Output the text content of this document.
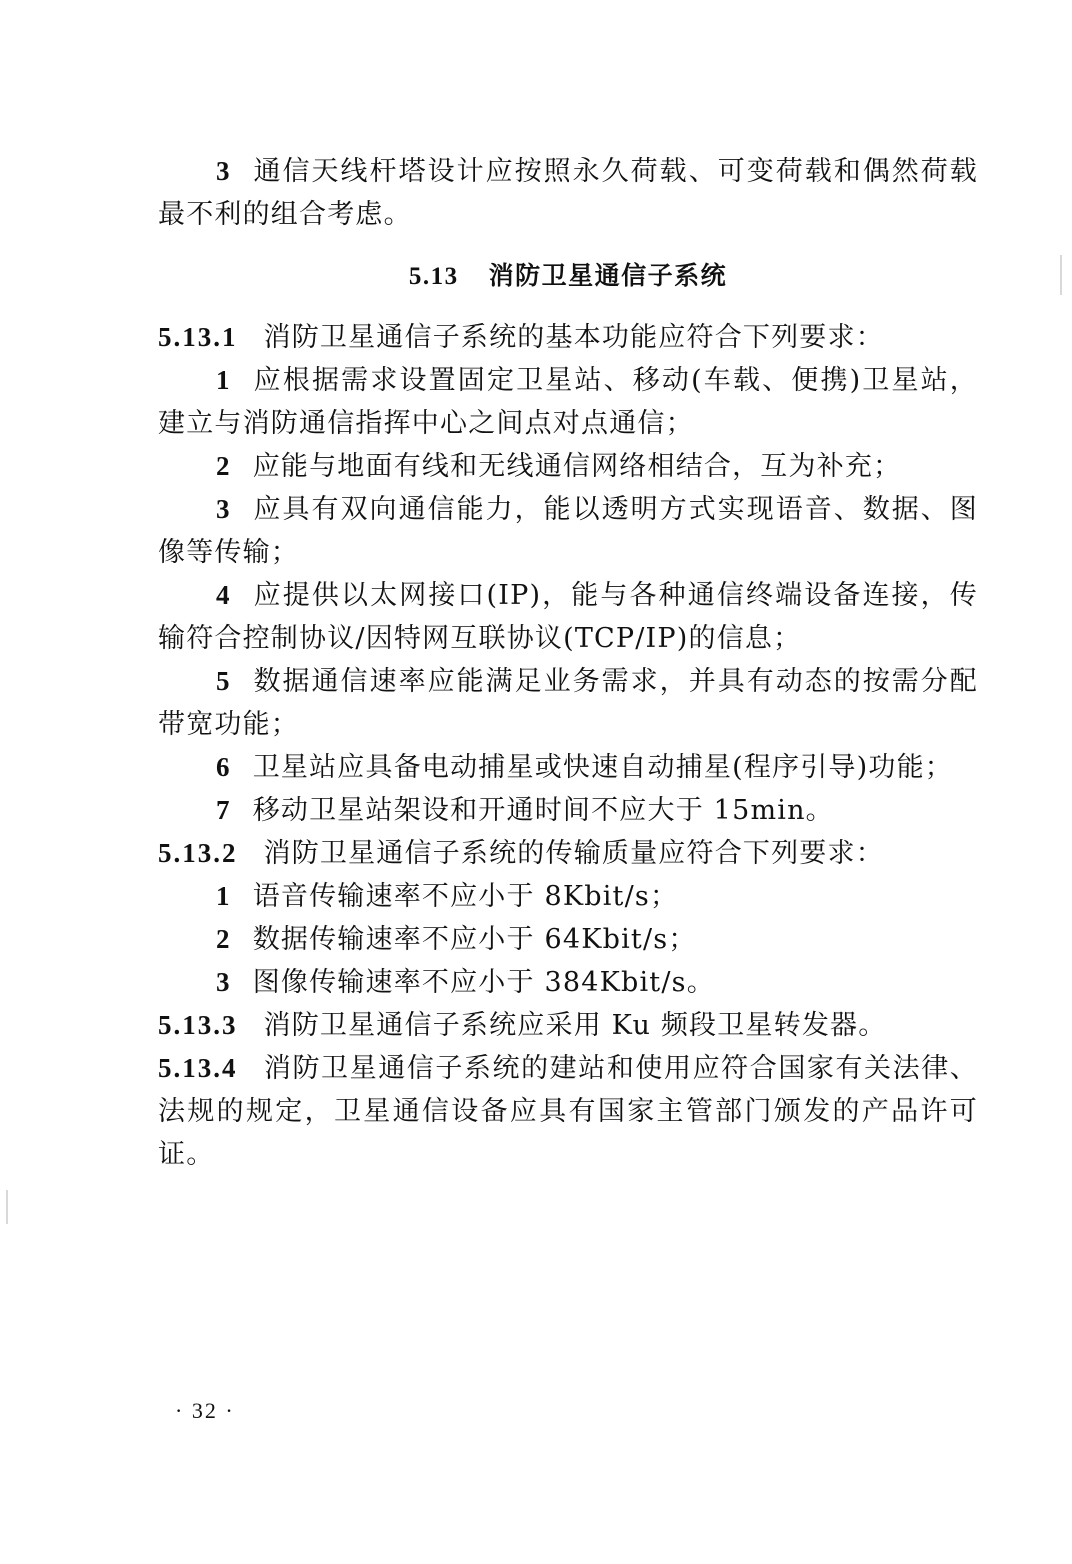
3 通信天线杆塔设计应按照永久荷载、可变荷载和偶然荷载最不利的组合考虑。

5.13 消防卫星通信子系统

5.13.1 消防卫星通信子系统的基本功能应符合下列要求：

1 应根据需求设置固定卫星站、移动(车载、便携)卫星站，建立与消防通信指挥中心之间点对点通信；

2 应能与地面有线和无线通信网络相结合，互为补充；

3 应具有双向通信能力，能以透明方式实现语音、数据、图像等传输；

4 应提供以太网接口(IP)，能与各种通信终端设备连接，传输符合控制协议/因特网互联协议(TCP/IP)的信息；

5 数据通信速率应能满足业务需求，并具有动态的按需分配带宽功能；

6 卫星站应具备电动捕星或快速自动捕星(程序引导)功能；

7 移动卫星站架设和开通时间不应大于 15min。

5.13.2 消防卫星通信子系统的传输质量应符合下列要求：

1 语音传输速率不应小于 8Kbit/s；

2 数据传输速率不应小于 64Kbit/s；

3 图像传输速率不应小于 384Kbit/s。

5.13.3 消防卫星通信子系统应采用 Ku 频段卫星转发器。

5.13.4 消防卫星通信子系统的建站和使用应符合国家有关法律、法规的规定，卫星通信设备应具有国家主管部门颁发的产品许可证。

· 32 ·
